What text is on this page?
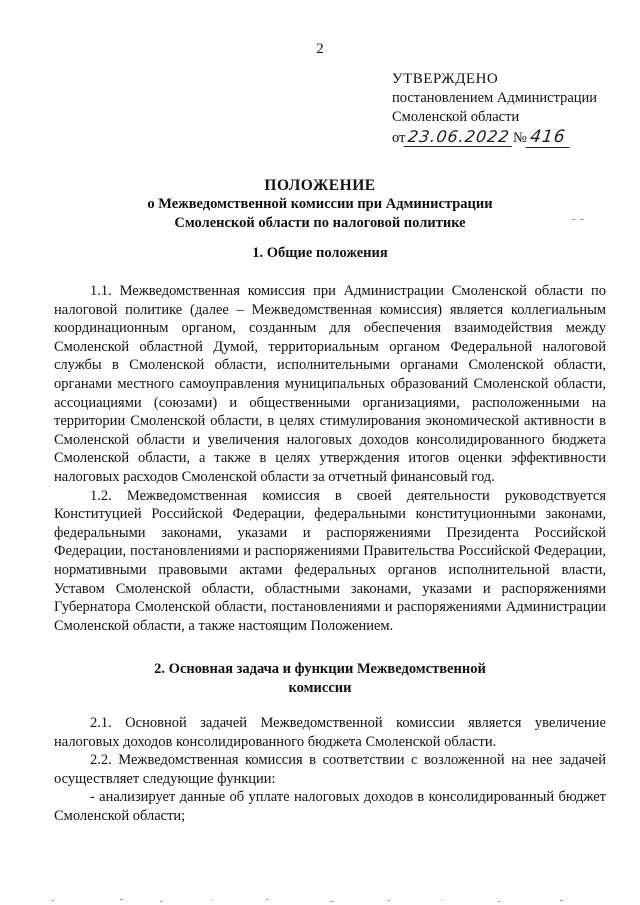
2
УТВЕРЖДЕНО
постановлением Администрации
Смоленской области
от 23.06.2022 № 416
ПОЛОЖЕНИЕ
о Межведомственной комиссии при Администрации
Смоленской области по налоговой политике	-  -
1. Общие положения

1.1. Межведомственная комиссия при Администрации Смоленской области по налоговой политике (далее – Межведомственная комиссия) является коллегиальным координационным органом, созданным для обеспечения взаимодействия между Смоленской областной Думой, территориальным органом Федеральной налоговой службы в Смоленской области, исполнительными органами Смоленской области, органами местного самоуправления муниципальных образований Смоленской области, ассоциациями (союзами) и общественными организациями, расположенными на территории Смоленской области, в целях стимулирования экономической активности в Смоленской области и увеличения налоговых доходов консолидированного бюджета Смоленской области, а также в целях утверждения итогов оценки эффективности налоговых расходов Смоленской области за отчетный финансовый год.

1.2. Межведомственная комиссия в своей деятельности руководствуется Конституцией Российской Федерации, федеральными конституционными законами, федеральными законами, указами и распоряжениями Президента Российской Федерации, постановлениями и распоряжениями Правительства Российской Федерации, нормативными правовыми актами федеральных органов исполнительной власти, Уставом Смоленской области, областными законами, указами и распоряжениями Губернатора Смоленской области, постановлениями и распоряжениями Администрации Смоленской области, а также настоящим Положением.

2. Основная задача и функции Межведомственной
комиссии

2.1. Основной задачей Межведомственной комиссии является увеличение налоговых доходов консолидированного бюджета Смоленской области.

2.2. Межведомственная комиссия в соответствии с возложенной на нее задачей осуществляет следующие функции:

- анализирует данные об уплате налоговых доходов в консолидированный бюджет Смоленской области;
